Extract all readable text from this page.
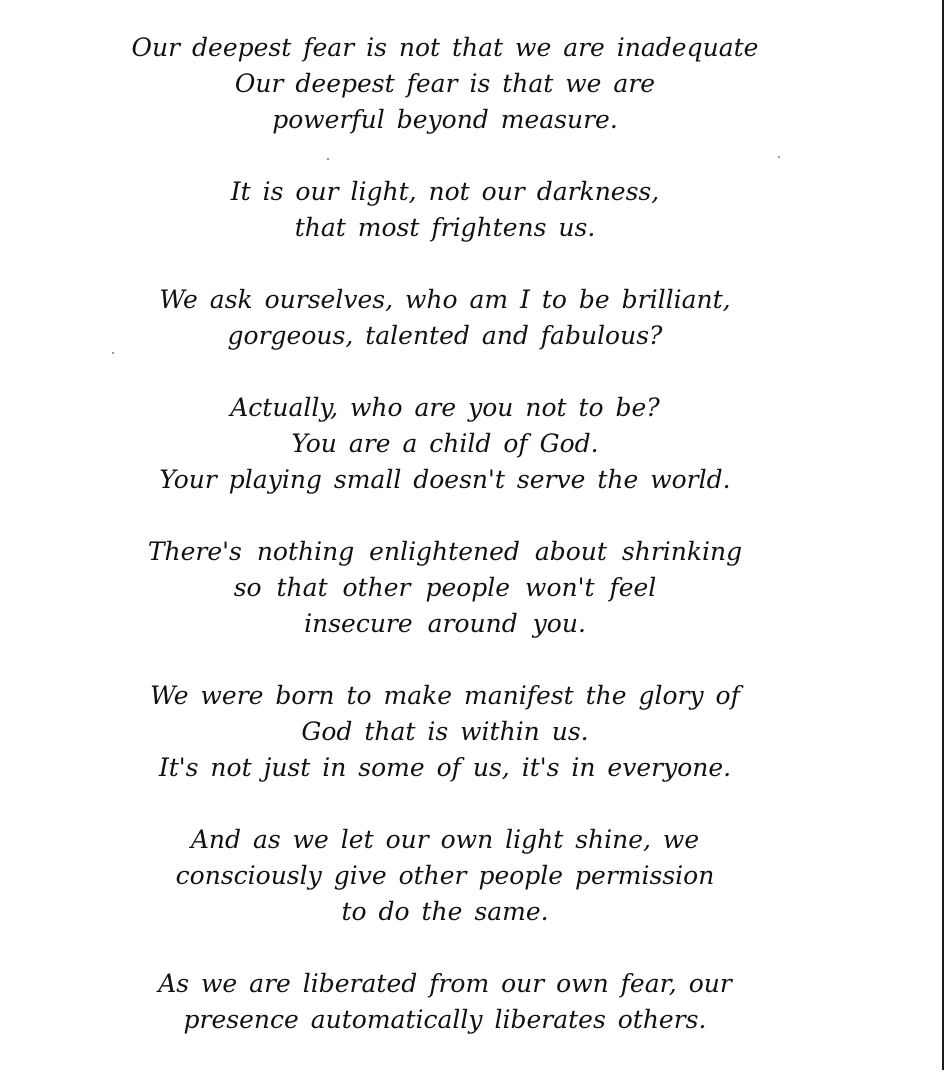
Our deepest fear is not that we are inadequate
Our deepest fear is that we are
powerful beyond measure.
It is our light, not our darkness,
that most frightens us.
We ask ourselves, who am I to be brilliant,
gorgeous, talented and fabulous?
Actually, who are you not to be?
You are a child of God.
Your playing small doesn't serve the world.
There's nothing enlightened about shrinking
so that other people won't feel
insecure around you.
We were born to make manifest the glory of
God that is within us.
It's not just in some of us, it's in everyone.
And as we let our own light shine, we
consciously give other people permission
to do the same.
As we are liberated from our own fear, our
presence automatically liberates others.
